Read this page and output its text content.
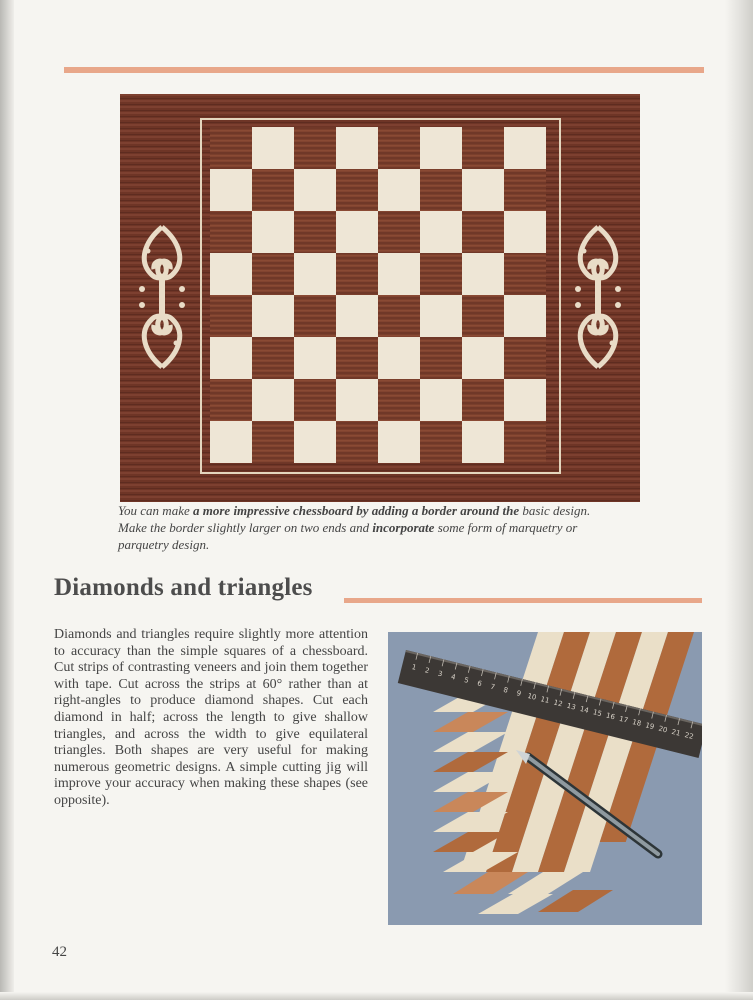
You can make a more impressive chessboard by adding a border around the basic design. Make the border slightly larger on two ends and incorporate some form of marquetry or parquetry design.
Diamonds and triangles

Diamonds and triangles require slightly more attention to accuracy than the simple squares of a chessboard. Cut strips of contrasting veneers and join them together with tape. Cut across the strips at 60° rather than at right-angles to produce diamond shapes. Cut each diamond in half; across the length to give shallow triangles, and across the width to give equilateral triangles. Both shapes are very useful for making numerous geometric designs. A simple cutting jig will improve your accuracy when making these shapes (see opposite).

1 2 3 4 5 6 7 8 9 10 11 12 13 14 15 16 17 18 19 20 21 22
42
